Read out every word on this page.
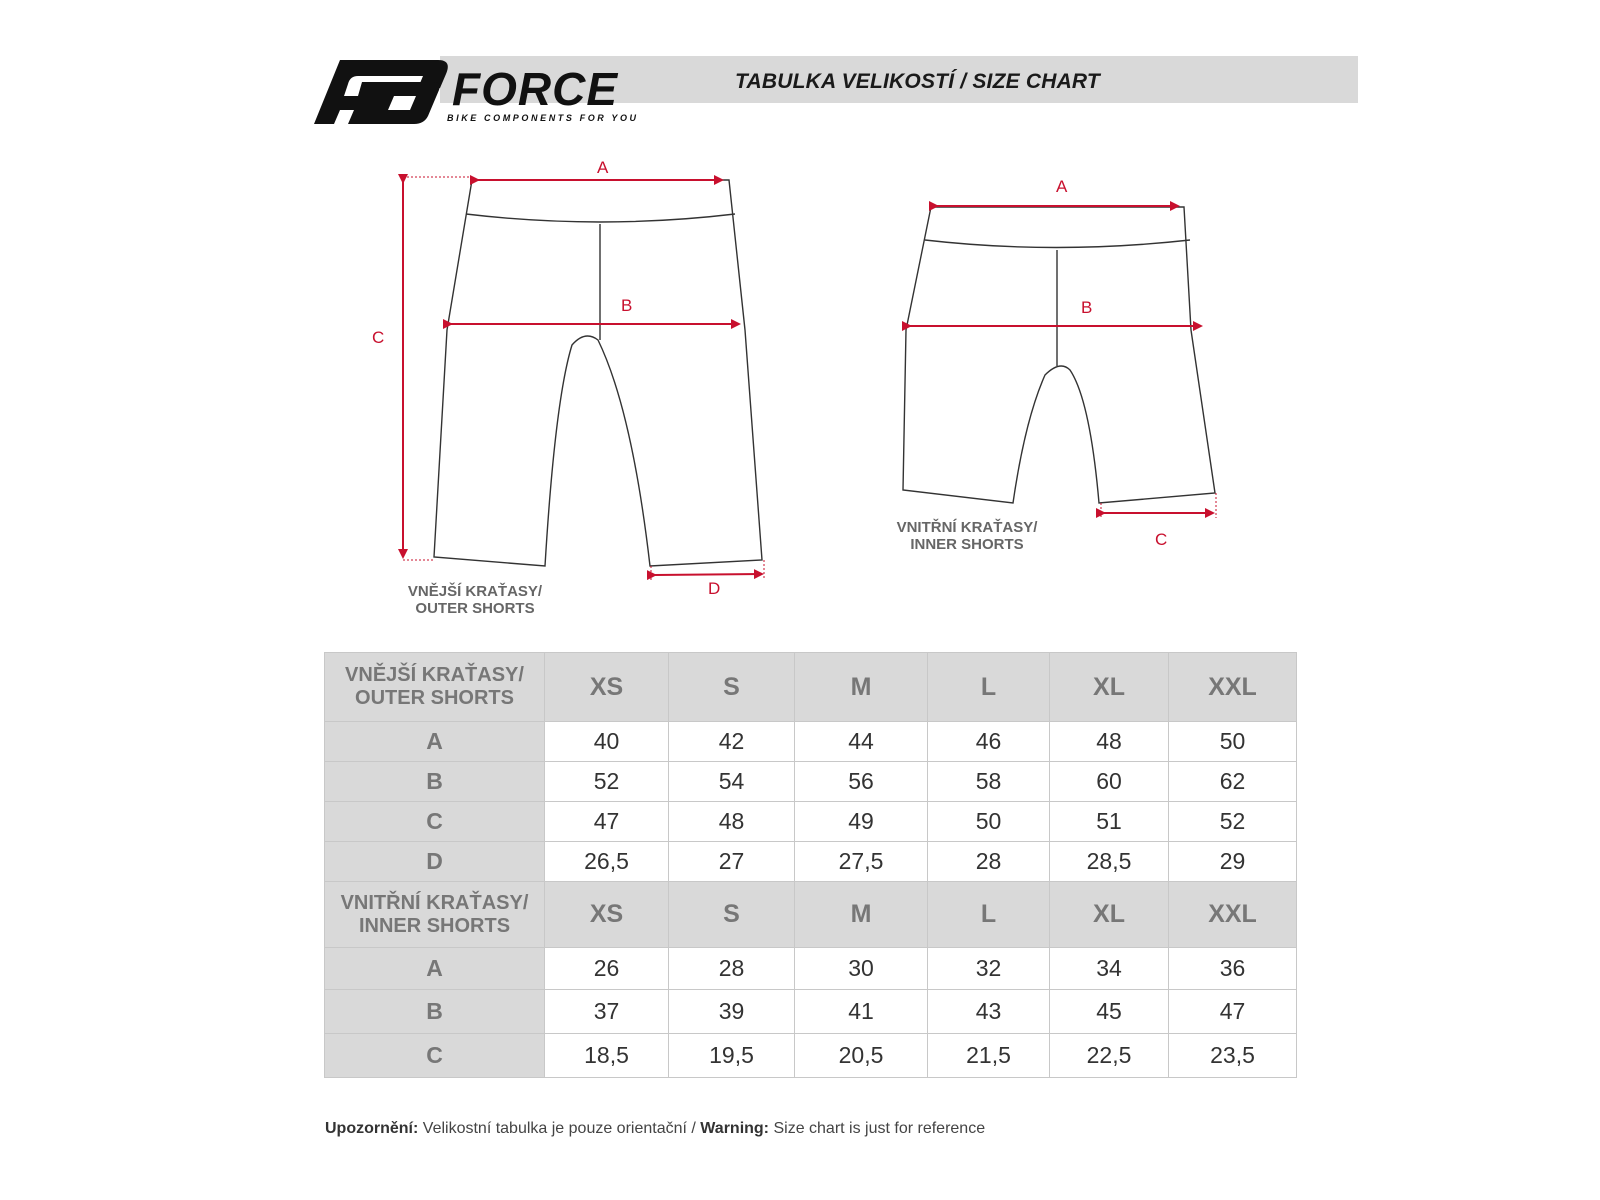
TABULKA VELIKOSTÍ / SIZE CHART
FORCE
BIKE COMPONENTS FOR YOU
A
B
C
D
VNĚJŠÍ KRAŤASY/
OUTER SHORTS
A
B
C
VNITŘNÍ KRAŤASY/
INNER SHORTS
VNĚJŠÍ KRAŤASY/
OUTER SHORTS	XS	S	M	L	XL	XXL
A	40	42	44	46	48	50
B	52	54	56	58	60	62
C	47	48	49	50	51	52
D	26,5	27	27,5	28	28,5	29

VNITŘNÍ KRAŤASY/
INNER SHORTS	XS	S	M	L	XL	XXL
A	26	28	30	32	34	36
B	37	39	41	43	45	47
C	18,5	19,5	20,5	21,5	22,5	23,5
Upozornění: Velikostní tabulka je pouze orientační / Warning: Size chart is just for reference
